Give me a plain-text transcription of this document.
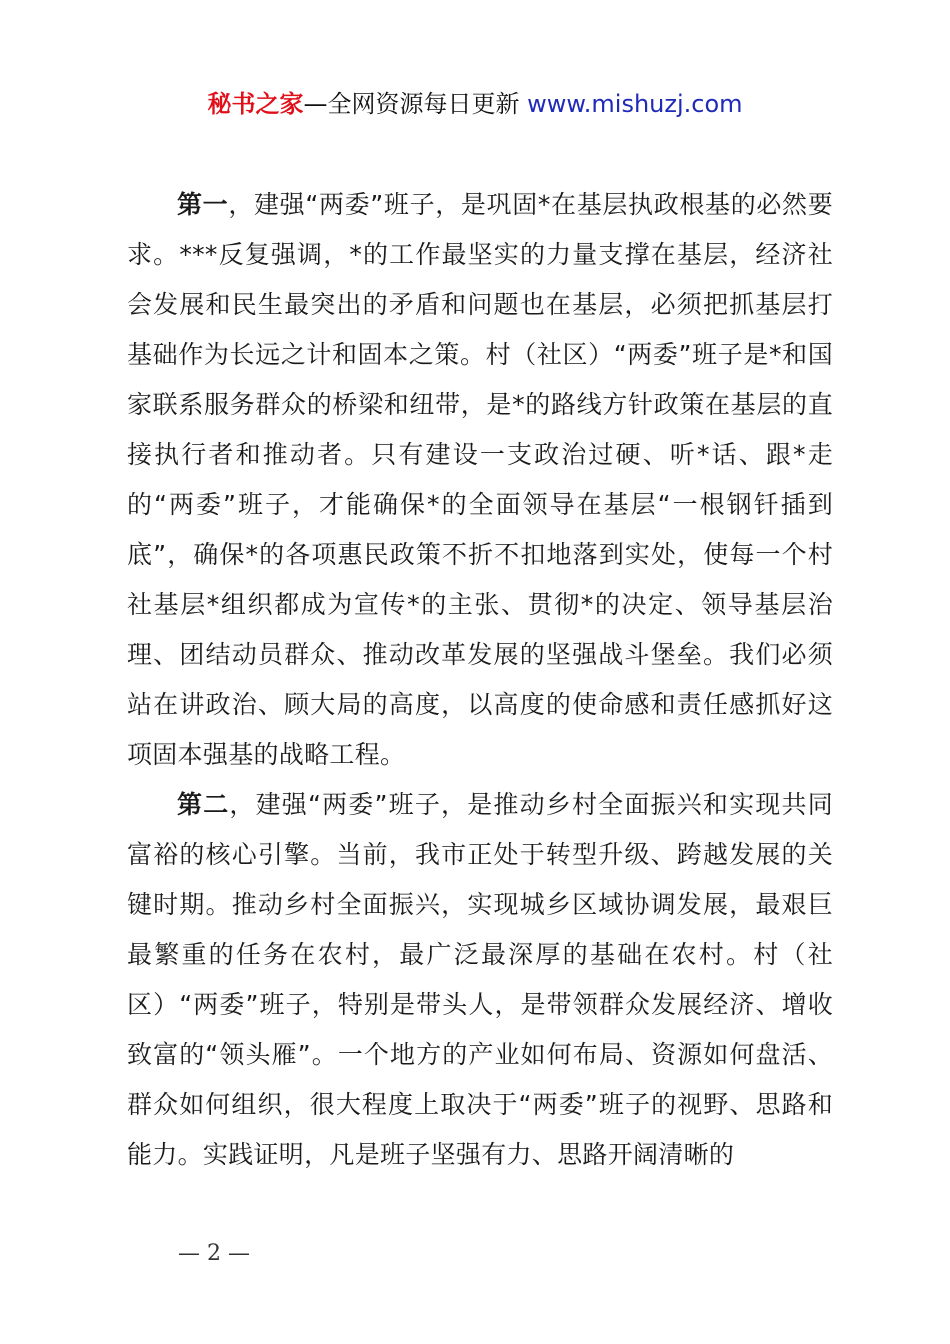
秘书之家—全网资源每日更新 www.mishuzj.com

第一，建强“两委”班子，是巩固*在基层执政根基的必然要求。***反复强调，*的工作最坚实的力量支撑在基层，经济社会发展和民生最突出的矛盾和问题也在基层，必须把抓基层打基础作为长远之计和固本之策。村（社区）“两委”班子是*和国家联系服务群众的桥梁和纽带，是*的路线方针政策在基层的直接执行者和推动者。只有建设一支政治过硬、听*话、跟*走的“两委”班子，才能确保*的全面领导在基层“一根钢钎插到底”，确保*的各项惠民政策不折不扣地落到实处，使每一个村社基层*组织都成为宣传*的主张、贯彻*的决定、领导基层治理、团结动员群众、推动改革发展的坚强战斗堡垒。我们必须站在讲政治、顾大局的高度，以高度的使命感和责任感抓好这项固本强基的战略工程。

第二，建强“两委”班子，是推动乡村全面振兴和实现共同富裕的核心引擎。当前，我市正处于转型升级、跨越发展的关键时期。推动乡村全面振兴，实现城乡区域协调发展，最艰巨最繁重的任务在农村，最广泛最深厚的基础在农村。村（社区）“两委”班子，特别是带头人，是带领群众发展经济、增收致富的“领头雁”。一个地方的产业如何布局、资源如何盘活、群众如何组织，很大程度上取决于“两委”班子的视野、思路和能力。实践证明，凡是班子坚强有力、思路开阔清晰的

— 2 —
